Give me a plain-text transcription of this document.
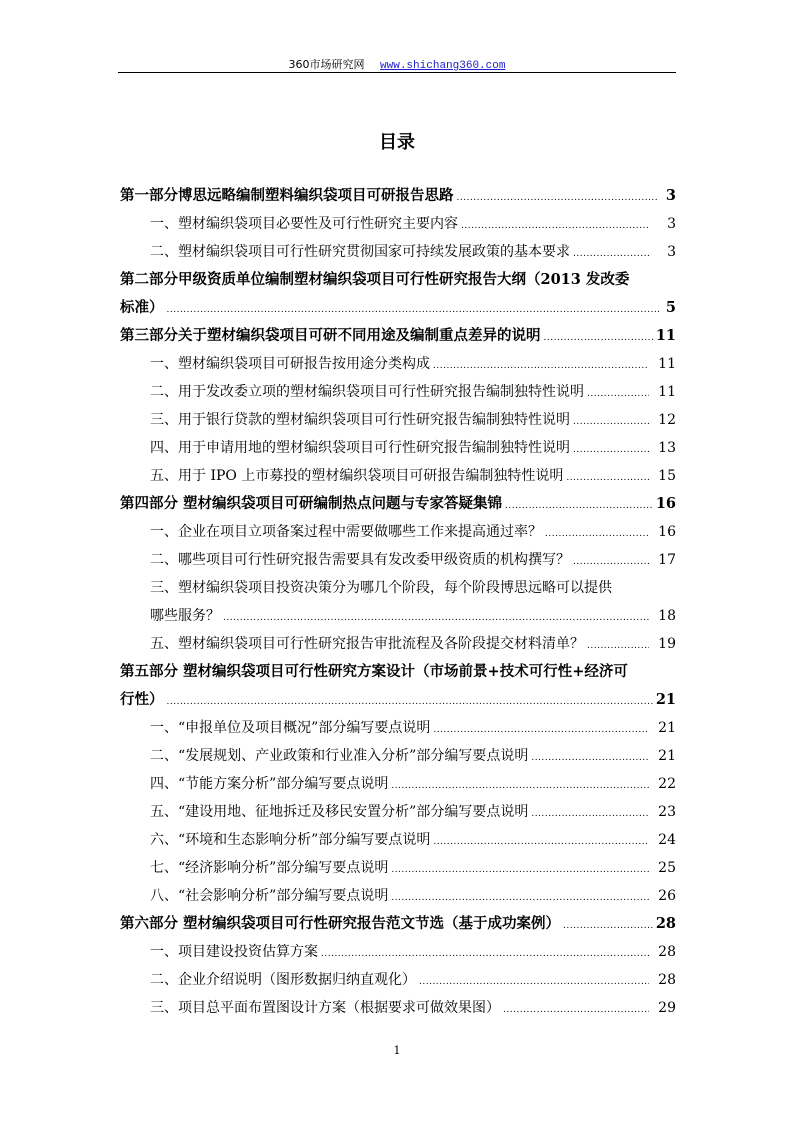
360市场研究网 www.shichang360.com
目录
第一部分博思远略编制塑料编织袋项目可研报告思路 .....	3
一、塑材编织袋项目必要性及可行性研究主要内容 .....	3
二、塑材编织袋项目可行性研究贯彻国家可持续发展政策的基本要求 .....	3
第二部分甲级资质单位编制塑材编织袋项目可行性研究报告大纲（2013 发改委
标准） .....	5
第三部分关于塑材编织袋项目可研不同用途及编制重点差异的说明 .....	11
一、塑材编织袋项目可研报告按用途分类构成 .....	11
二、用于发改委立项的塑材编织袋项目可行性研究报告编制独特性说明 .....	11
三、用于银行贷款的塑材编织袋项目可行性研究报告编制独特性说明 .....	12
四、用于申请用地的塑材编织袋项目可行性研究报告编制独特性说明 .....	13
五、用于 IPO 上市募投的塑材编织袋项目可研报告编制独特性说明 .....	15
第四部分 塑材编织袋项目可研编制热点问题与专家答疑集锦 .....	16
一、企业在项目立项备案过程中需要做哪些工作来提高通过率？ .....	16
二、哪些项目可行性研究报告需要具有发改委甲级资质的机构撰写？ .....	17
三、塑材编织袋项目投资决策分为哪几个阶段，每个阶段博思远略可以提供
哪些服务？ .....	18
五、塑材编织袋项目可行性研究报告审批流程及各阶段提交材料清单？ .....	19
第五部分 塑材编织袋项目可行性研究方案设计（市场前景+技术可行性+经济可
行性） .....	21
一、“申报单位及项目概况”部分编写要点说明 .....	21
二、“发展规划、产业政策和行业准入分析”部分编写要点说明 .....	21
四、“节能方案分析”部分编写要点说明 .....	22
五、“建设用地、征地拆迁及移民安置分析”部分编写要点说明 .....	23
六、“环境和生态影响分析”部分编写要点说明 .....	24
七、“经济影响分析”部分编写要点说明 .....	25
八、“社会影响分析”部分编写要点说明 .....	26
第六部分 塑材编织袋项目可行性研究报告范文节选（基于成功案例） .....	28
一、项目建设投资估算方案 .....	28
二、企业介绍说明（图形数据归纳直观化） .....	28
三、项目总平面布置图设计方案（根据要求可做效果图） .....	29
1
